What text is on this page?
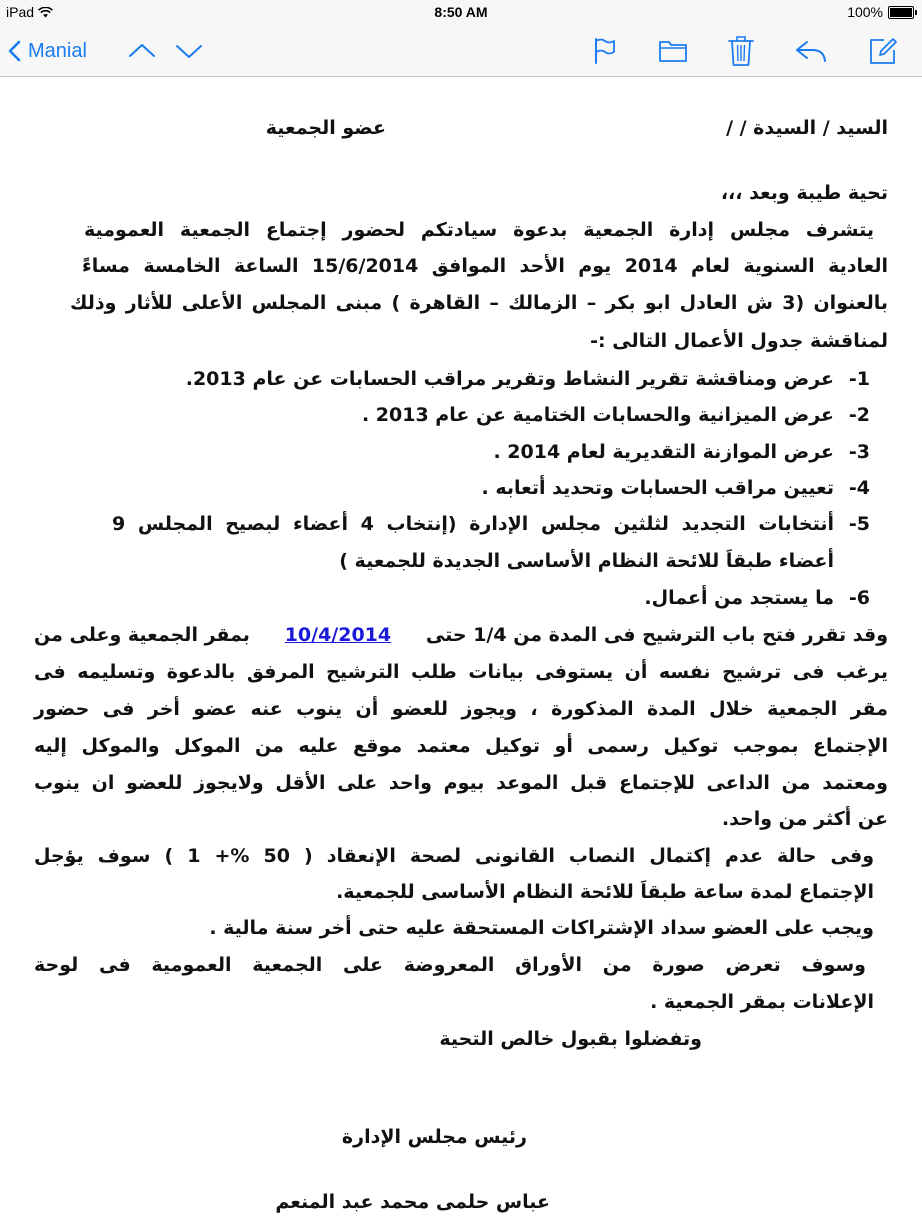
iPad	8:50 AM	100%
Manial
السيد / السيدة / /
عضو الجمعية
تحية طيبة وبعد ،،،
يتشرف مجلس إدارة الجمعية بدعوة سيادتكم لحضور إجتماع الجمعية العمومية
العادية السنوية لعام 2014 يوم الأحد الموافق 15/6/2014 الساعة الخامسة مساءً
بالعنوان (3 ش العادل ابو بكر – الزمالك – القاهرة ) مبنى المجلس الأعلى للأثار وذلك
لمناقشة جدول الأعمال التالى :-
1-
عرض ومناقشة تقرير النشاط وتقرير مراقب الحسابات عن عام 2013.
2-
عرض الميزانية والحسابات الختامية عن عام 2013 .
3-
عرض الموازنة التقديرية لعام 2014 .
4-
تعيين مراقب الحسابات وتحديد أتعابه .
5-
أنتخابات التجديد لثلثين مجلس الإدارة (إنتخاب 4 أعضاء لبصيح المجلس 9
أعضاء طبقاَ للائحة النظام الأساسى الجديدة للجمعية )
6-
ما يستجد من أعمال.
وقد تقرر فتح باب الترشيح فى المدة من 1/4 حتى
10/4/2014
بمقر الجمعية وعلى من
يرغب فى ترشيح نفسه أن يستوفى بيانات طلب الترشيح المرفق بالدعوة وتسليمه فى
مقر الجمعية خلال المدة المذكورة ، ويجوز للعضو أن ينوب عنه عضو أخر فى حضور
الإجتماع بموجب توكيل رسمى أو توكيل معتمد موقع عليه من الموكل والموكل إليه
ومعتمد من الداعى للإجتماع قبل الموعد بيوم واحد على الأقل ولايجوز للعضو ان ينوب
عن أكثر من واحد.
وفى حالة عدم إكتمال النصاب القانونى لصحة الإنعقاد ( 50 %+ 1 ) سوف يؤجل
الإجتماع لمدة ساعة طبقاَ للائحة النظام الأساسى للجمعية.
ويجب على العضو سداد الإشتراكات المستحقة عليه حتى أخر سنة مالية .
وسوف تعرض صورة من الأوراق المعروضة على الجمعية العمومية فى لوحة
الإعلانات بمقر الجمعية .
وتفضلوا بقبول خالص التحية
رئيس مجلس الإدارة
عباس حلمى محمد عبد المنعم
